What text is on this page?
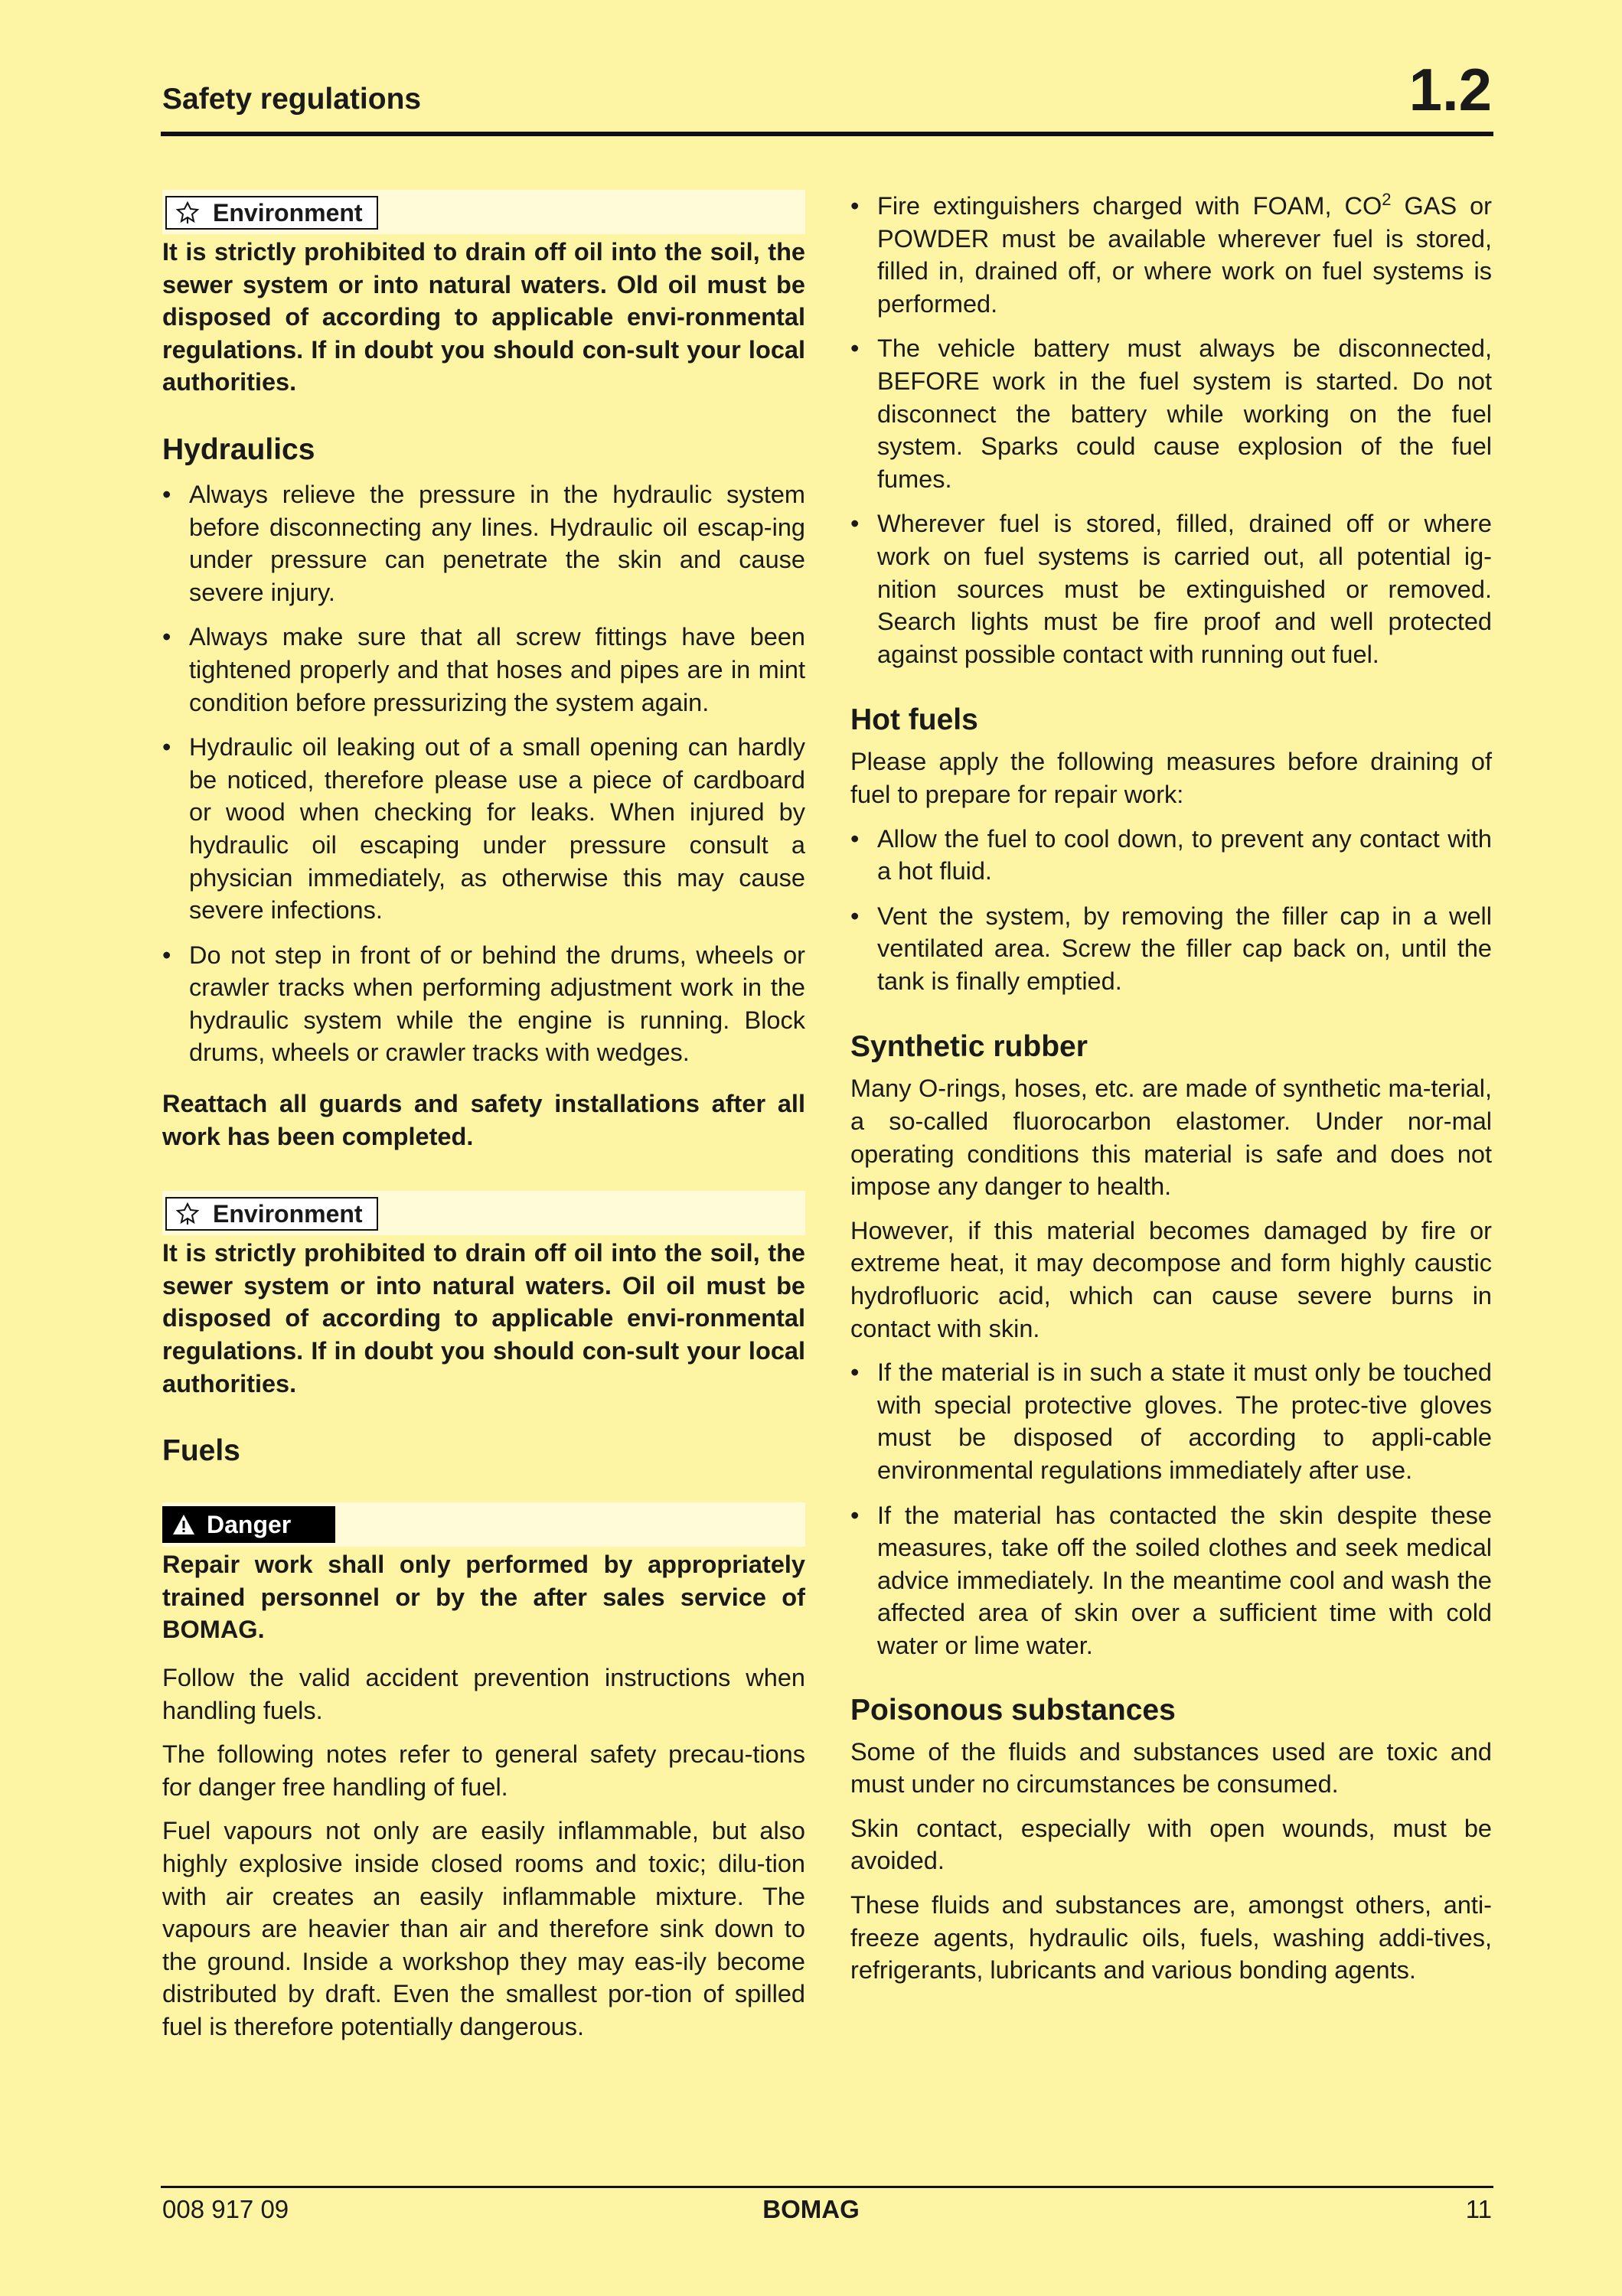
Safety regulations	1.2
Environment

It is strictly prohibited to drain off oil into the soil, the sewer system or into natural waters. Old oil must be disposed of according to applicable envi-ronmental regulations. If in doubt you should con-sult your local authorities.

Hydraulics
• Always relieve the pressure in the hydraulic system before disconnecting any lines. Hydraulic oil escap-ing under pressure can penetrate the skin and cause severe injury.
• Always make sure that all screw fittings have been tightened properly and that hoses and pipes are in mint condition before pressurizing the system again.
• Hydraulic oil leaking out of a small opening can hardly be noticed, therefore please use a piece of cardboard or wood when checking for leaks. When injured by hydraulic oil escaping under pressure consult a physician immediately, as otherwise this may cause severe infections.
• Do not step in front of or behind the drums, wheels or crawler tracks when performing adjustment work in the hydraulic system while the engine is running. Block drums, wheels or crawler tracks with wedges.

Reattach all guards and safety installations after all work has been completed.

Environment

It is strictly prohibited to drain off oil into the soil, the sewer system or into natural waters. Oil oil must be disposed of according to applicable envi-ronmental regulations. If in doubt you should con-sult your local authorities.

Fuels
Danger

Repair work shall only performed by appropriately trained personnel or by the after sales service of BOMAG.

Follow the valid accident prevention instructions when handling fuels.

The following notes refer to general safety precau-tions for danger free handling of fuel.

Fuel vapours not only are easily inflammable, but also highly explosive inside closed rooms and toxic; dilu-tion with air creates an easily inflammable mixture. The vapours are heavier than air and therefore sink down to the ground. Inside a workshop they may eas-ily become distributed by draft. Even the smallest por-tion of spilled fuel is therefore potentially dangerous.

• Fire extinguishers charged with FOAM, $CO^2$ GAS or POWDER must be available wherever fuel is stored, filled in, drained off, or where work on fuel systems is performed.
• The vehicle battery must always be disconnected, BEFORE work in the fuel system is started. Do not disconnect the battery while working on the fuel system. Sparks could cause explosion of the fuel fumes.
• Wherever fuel is stored, filled, drained off or where work on fuel systems is carried out, all potential ig-nition sources must be extinguished or removed. Search lights must be fire proof and well protected against possible contact with running out fuel.
Hot fuels

Please apply the following measures before draining of fuel to prepare for repair work:

• Allow the fuel to cool down, to prevent any contact with a hot fluid.
• Vent the system, by removing the filler cap in a well ventilated area. Screw the filler cap back on, until the tank is finally emptied.
Synthetic rubber

Many O-rings, hoses, etc. are made of synthetic ma-terial, a so-called fluorocarbon elastomer. Under nor-mal operating conditions this material is safe and does not impose any danger to health.

However, if this material becomes damaged by fire or extreme heat, it may decompose and form highly caustic hydrofluoric acid, which can cause severe burns in contact with skin.

• If the material is in such a state it must only be touched with special protective gloves. The protec-tive gloves must be disposed of according to appli-cable environmental regulations immediately after use.
• If the material has contacted the skin despite these measures, take off the soiled clothes and seek medical advice immediately. In the meantime cool and wash the affected area of skin over a sufficient time with cold water or lime water.
Poisonous substances

Some of the fluids and substances used are toxic and must under no circumstances be consumed.

Skin contact, especially with open wounds, must be avoided.

These fluids and substances are, amongst others, anti-freeze agents, hydraulic oils, fuels, washing addi-tives, refrigerants, lubricants and various bonding agents.

008 917 09	BOMAG	11
